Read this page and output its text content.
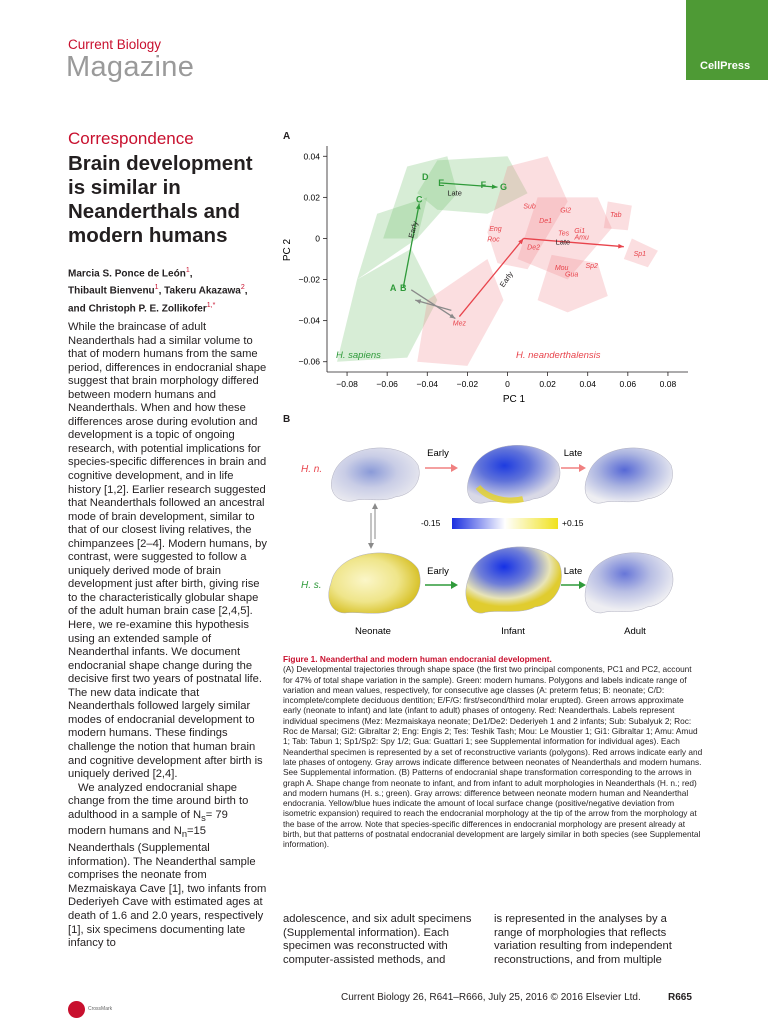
Current Biology
Magazine	CellPress
Correspondence
Brain development is similar in Neanderthals and modern humans
Marcia S. Ponce de León$^1$,
Thibault Bienvenu$^1$, Takeru Akazawa$^2$,
and Christoph P. E. Zollikofer$^{1,*}$

While the braincase of adult Neanderthals had a similar volume to that of modern humans from the same period, differences in endocranial shape suggest that brain morphology differed between modern humans and Neanderthals. When and how these differences arose during evolution and development is a topic of ongoing research, with potential implications for species-specific differences in brain and cognitive development, and in life history [1,2]. Earlier research suggested that Neanderthals followed an ancestral mode of brain development, similar to that of our closest living relatives, the chimpanzees [2–4]. Modern humans, by contrast, were suggested to follow a uniquely derived mode of brain development just after birth, giving rise to the characteristically globular shape of the adult human brain case [2,4,5]. Here, we re-examine this hypothesis using an extended sample of Neanderthal infants. We document endocranial shape change during the decisive first two years of postnatal life. The new data indicate that Neanderthals followed largely similar modes of endocranial development to modern humans. These findings challenge the notion that human brain and cognitive development after birth is uniquely derived [2,4].

We analyzed endocranial shape change from the time around birth to adulthood in a sample of $N_s= 79$ modern humans and $N_n=15$ Neanderthals (Supplemental information). The Neanderthal sample comprises the neonate from Mezmaiskaya Cave [1], two infants from Dederiyeh Cave with estimated ages at death of 1.6 and 2.0 years, respectively [1], six specimens documenting late infancy to

A
−0.08 −0.06 −0.04 −0.02	0	0.02	0.04	0.06	0.08
0.04
0.02
0
−0.02
−0.04
−0.06
Late
Early
Late
Early
A B
C
D
E	F G
Mez
Roc
Eng
Sub
Gi2
De1
De2
Tes Gi1
Amu
Tab
Sp1
Mou Sp2
Gua
PC 1
PC 2
H. sapiens	H. neanderthalensis
B
H. n.
H. s.
Early	Late
Early	Late
-0.15	+0.15
Neonate	Infant	Adult
Figure 1. Neanderthal and modern human endocranial development.
(A) Developmental trajectories through shape space (the first two principal components, PC1 and PC2, account for 47% of total shape variation in the sample). Green: modern humans. Polygons and labels indicate range of variation and mean values, respectively, for consecutive age classes (A: preterm fetus; B: neonate; C/D: incomplete/complete deciduous dentition; E/F/G: first/second/third molar erupted). Green arrows approximate early (neonate to infant) and late (infant to adult) phases of ontogeny. Red: Neanderthals. Labels represent individual specimens (Mez: Mezmaiskaya neonate; De1/De2: Dederiyeh 1 and 2 infants; Sub: Subalyuk 2; Roc: Roc de Marsal; Gi2: Gibraltar 2; Eng: Engis 2; Tes: Teshik Tash; Mou: Le Moustier 1; Gi1: Gibraltar 1; Amu: Amud 1; Tab: Tabun 1; Sp1/Sp2: Spy 1/2; Gua: Guattari 1; see Supplemental information for individual ages). Each Neanderthal specimen is represented by a set of reconstructive variants (polygons). Red arrows indicate early and late phases of ontogeny. Gray arrows indicate difference between neonates of Neanderthals and modern humans. See Supplemental information. (B) Patterns of endocranial shape transformation corresponding to the arrows in graph A. Shape change from neonate to infant, and from infant to adult morphologies in Neanderthals (H. n.; red) and modern humans (H. s.; green). Gray arrows: difference between neonate modern human and Neanderthal endocrania. Yellow/blue hues indicate the amount of local surface change (positive/negative deviation from isometric expansion) required to reach the endocranial morphology at the tip of the arrow from the morphology at the base of the arrow. Note that species-specific differences in endocranial morphology are present already at birth, but that patterns of postnatal endocranial development are largely similar in both species (see Supplemental information).
adolescence, and six adult specimens (Supplemental information). Each specimen was reconstructed with computer-assisted methods, and
is represented in the analyses by a range of morphologies that reflects variation resulting from independent reconstructions, and from multiple
CrossMark
Current Biology 26, R641–R666, July 25, 2016 © 2016 Elsevier Ltd.	R665
